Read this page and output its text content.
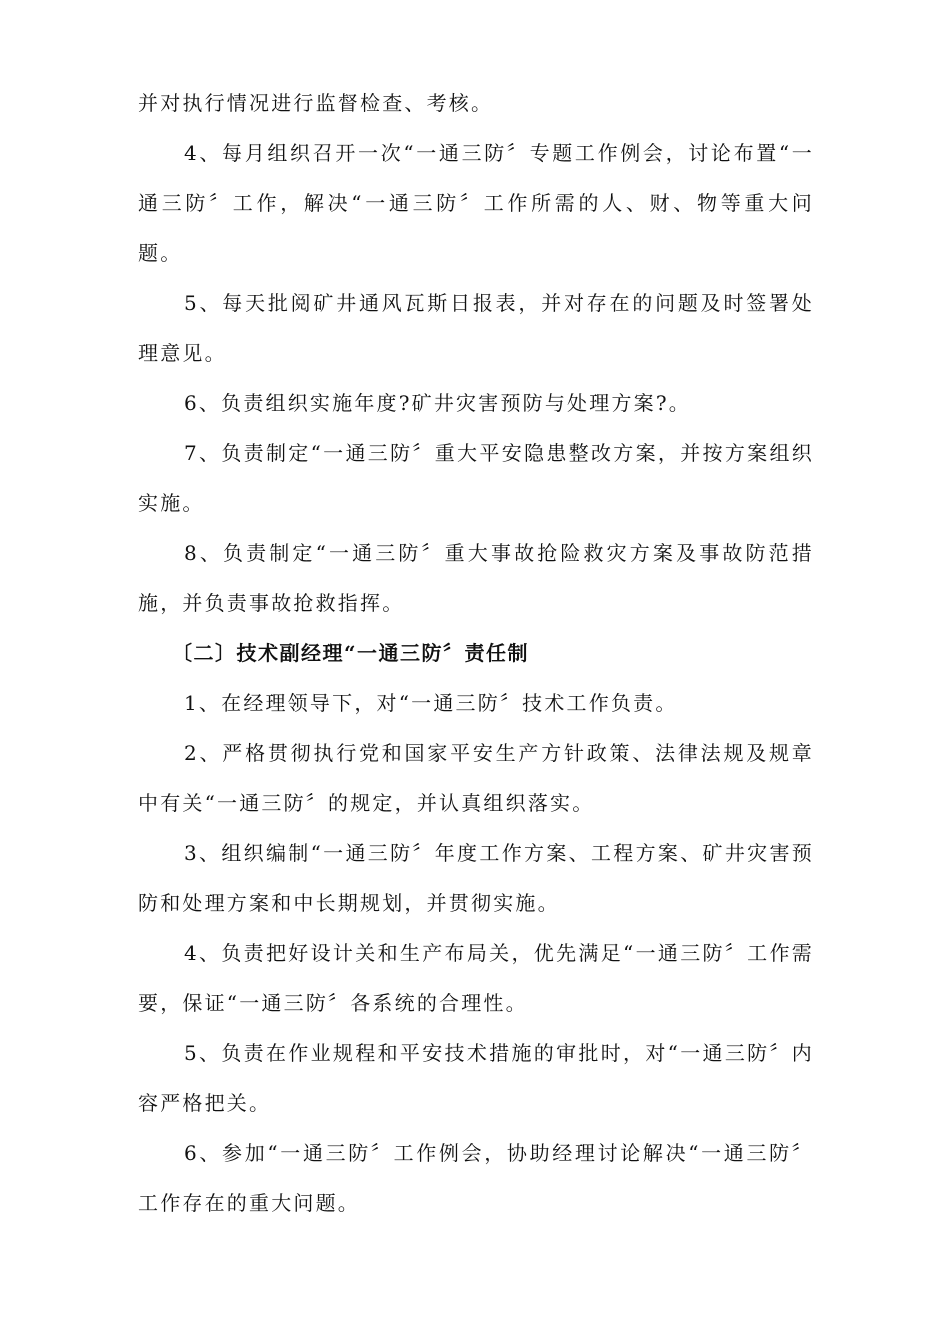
并对执行情况进行监督检查、考核。

4、每月组织召开一次“一通三防〞专题工作例会，讨论布置“一通三防〞工作，解决“一通三防〞工作所需的人、财、物等重大问题。

5、每天批阅矿井通风瓦斯日报表，并对存在的问题及时签署处理意见。

6、负责组织实施年度?矿井灾害预防与处理方案?。

7、负责制定“一通三防〞重大平安隐患整改方案，并按方案组织实施。

8、负责制定“一通三防〞重大事故抢险救灾方案及事故防范措施，并负责事故抢救指挥。

〔二〕技术副经理“一通三防〞责任制

1、在经理领导下，对“一通三防〞技术工作负责。

2、严格贯彻执行党和国家平安生产方针政策、法律法规及规章中有关“一通三防〞的规定，并认真组织落实。

3、组织编制“一通三防〞年度工作方案、工程方案、矿井灾害预防和处理方案和中长期规划，并贯彻实施。

4、负责把好设计关和生产布局关，优先满足“一通三防〞工作需要，保证“一通三防〞各系统的合理性。

5、负责在作业规程和平安技术措施的审批时，对“一通三防〞内容严格把关。

6、参加“一通三防〞工作例会，协助经理讨论解决“一通三防〞工作存在的重大问题。
